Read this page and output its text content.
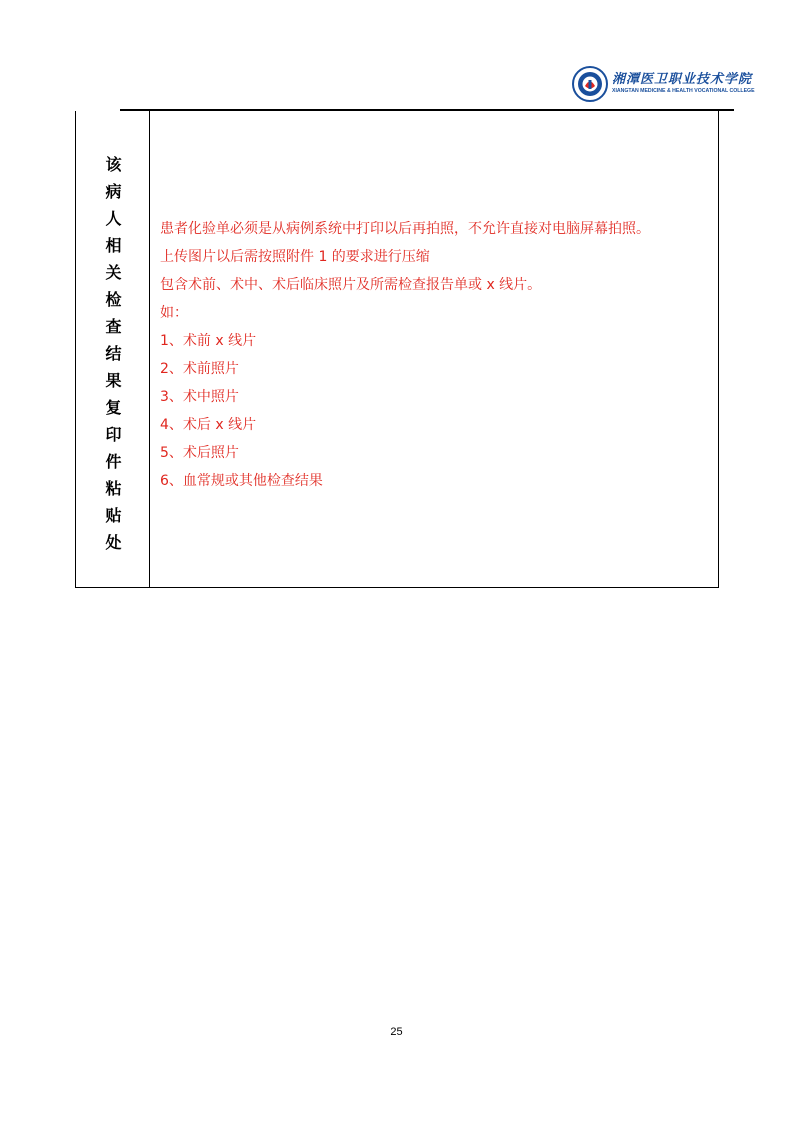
湘潭医卫职业技术学院
XIANGTAN MEDICINE & HEALTH VOCATIONAL COLLEGE
该病人相关检查结果复印件粘贴处	患者化验单必须是从病例系统中打印以后再拍照，不允许直接对电脑屏幕拍照。
上传图片以后需按照附件 1 的要求进行压缩
包含术前、术中、术后临床照片及所需检查报告单或 x 线片。
如：
1、术前 x 线片
2、术前照片
3、术中照片
4、术后 x 线片
5、术后照片
6、血常规或其他检查结果
25
